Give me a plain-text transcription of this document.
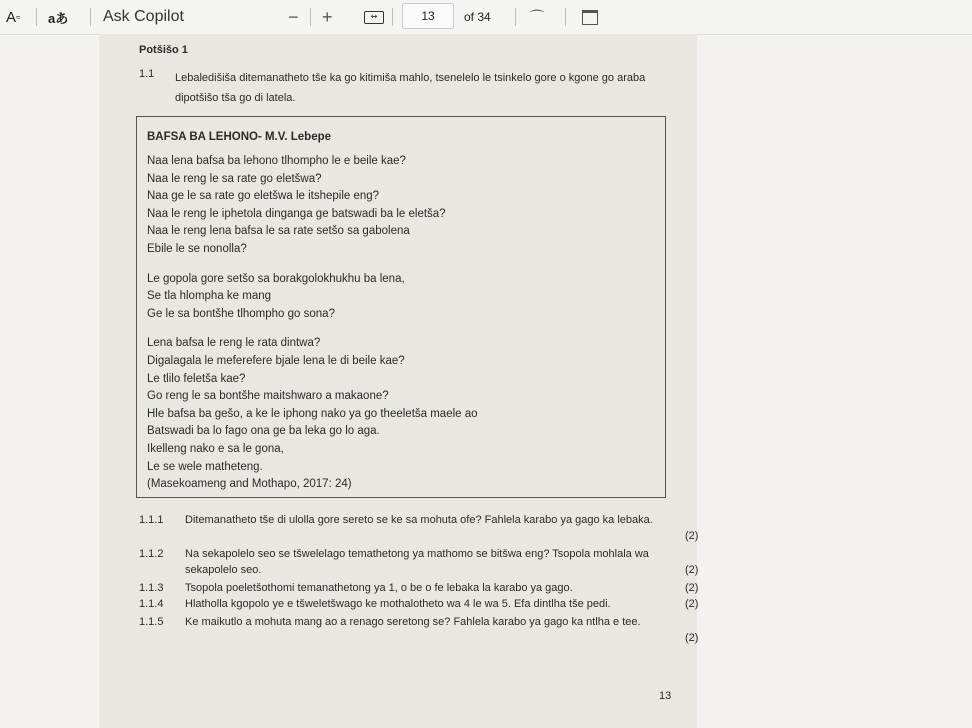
A ≈ aあ Ask Copilot	− +	↔	13 of 34	⌒
Potšišo 1
1.1 Lebaledišiša ditemanatheto tše ka go kitimiša mahlo, tsenelelo le tsinkelo gore o kgone go araba dipotšišo tša go di latela.
BAFSA BA LEHONO- M.V. Lebepe
Naa lena bafsa ba lehono tlhompho le e beile kae?
Naa le reng le sa rate go eletšwa?
Naa ge le sa rate go eletšwa le itshepile eng?
Naa le reng le iphetola dinganga ge batswadi ba le eletša?
Naa le reng lena bafsa le sa rate setšo sa gabolena
Ebile le se nonolla?
Le gopola gore setšo sa borakgolokhukhu ba lena,
Se tla hlompha ke mang
Ge le sa bontšhe tlhompho go sona?
Lena bafsa le reng le rata dintwa?
Digalagala le meferefere bjale lena le di beile kae?
Le tlilo feletša kae?
Go reng le sa bontšhe maitshwaro a makaone?
Hle bafsa ba gešo, a ke le iphong nako ya go theeletša maele ao
Batswadi ba lo fago ona ge ba leka go lo aga.
Ikelleng nako e sa le gona,
Le se wele matheteng.
(Masekoameng and Mothapo, 2017: 24)
1.1.1 Ditemanatheto tše di ulolla gore sereto se ke sa mohuta ofe? Fahlela karabo ya gago ka lebaka.
(2)
1.1.2 Na sekapolelo seo se tšwelelago temathetong ya mathomo se bitšwa eng? Tsopola mohlala wa sekapolelo seo.	(2)
1.1.3 Tsopola poeletšothomi temanathetong ya 1, o be o fe lebaka la karabo ya gago.	(2)
1.1.4 Hlatholla kgopolo ye e tšweletšwago ke mothalotheto wa 4 le wa 5. Efa dintlha tše pedi.	(2)
1.1.5 Ke maikutlo a mohuta mang ao a renago seretong se? Fahlela karabo ya gago ka ntlha e tee.
(2)
13
